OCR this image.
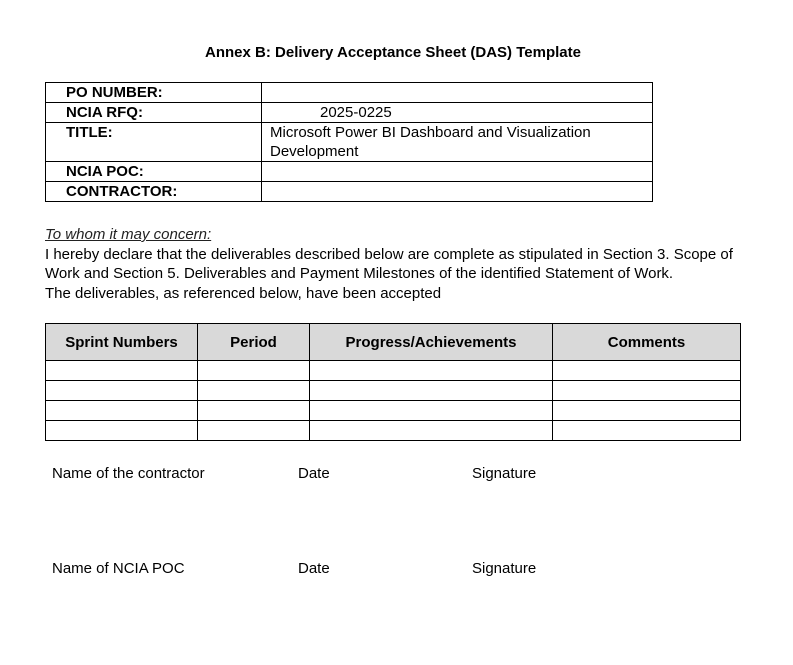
Annex B: Delivery Acceptance Sheet (DAS) Template
PO NUMBER:	
NCIA RFQ:	2025-0225
TITLE:	Microsoft Power BI Dashboard and Visualization Development
NCIA POC:	
CONTRACTOR:	

To whom it may concern:

I hereby declare that the deliverables described below are complete as stipulated in Section 3. Scope of Work and Section 5. Deliverables and Payment Milestones of the identified Statement of Work.

The deliverables, as referenced below, have been accepted

Sprint Numbers	Period	Progress/Achievements	Comments

Name of the contractor	Date	Signature
Name of NCIA POC	Date	Signature
